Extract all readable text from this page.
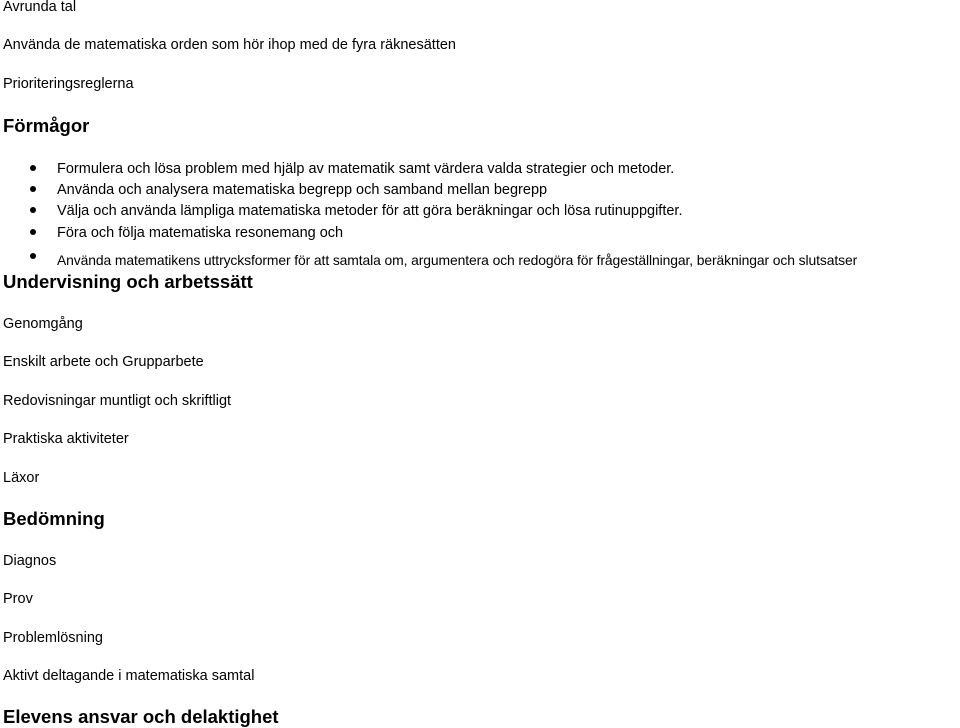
Avrunda tal
Använda de matematiska orden som hör ihop med de fyra räknesätten
Prioriteringsreglerna
Förmågor
Formulera och lösa problem med hjälp av matematik samt värdera valda strategier och metoder.
Använda och analysera matematiska begrepp och samband mellan begrepp
Välja och använda lämpliga matematiska metoder för att göra beräkningar och lösa rutinuppgifter.
Föra och följa matematiska resonemang och
Använda matematikens uttrycksformer för att samtala om, argumentera och redogöra för frågeställningar, beräkningar och slutsatser
Undervisning och arbetssätt
Genomgång
Enskilt arbete och Grupparbete
Redovisningar muntligt och skriftligt
Praktiska aktiviteter
Läxor
Bedömning
Diagnos
Prov
Problemlösning
Aktivt deltagande i matematiska samtal
Elevens ansvar och delaktighet
